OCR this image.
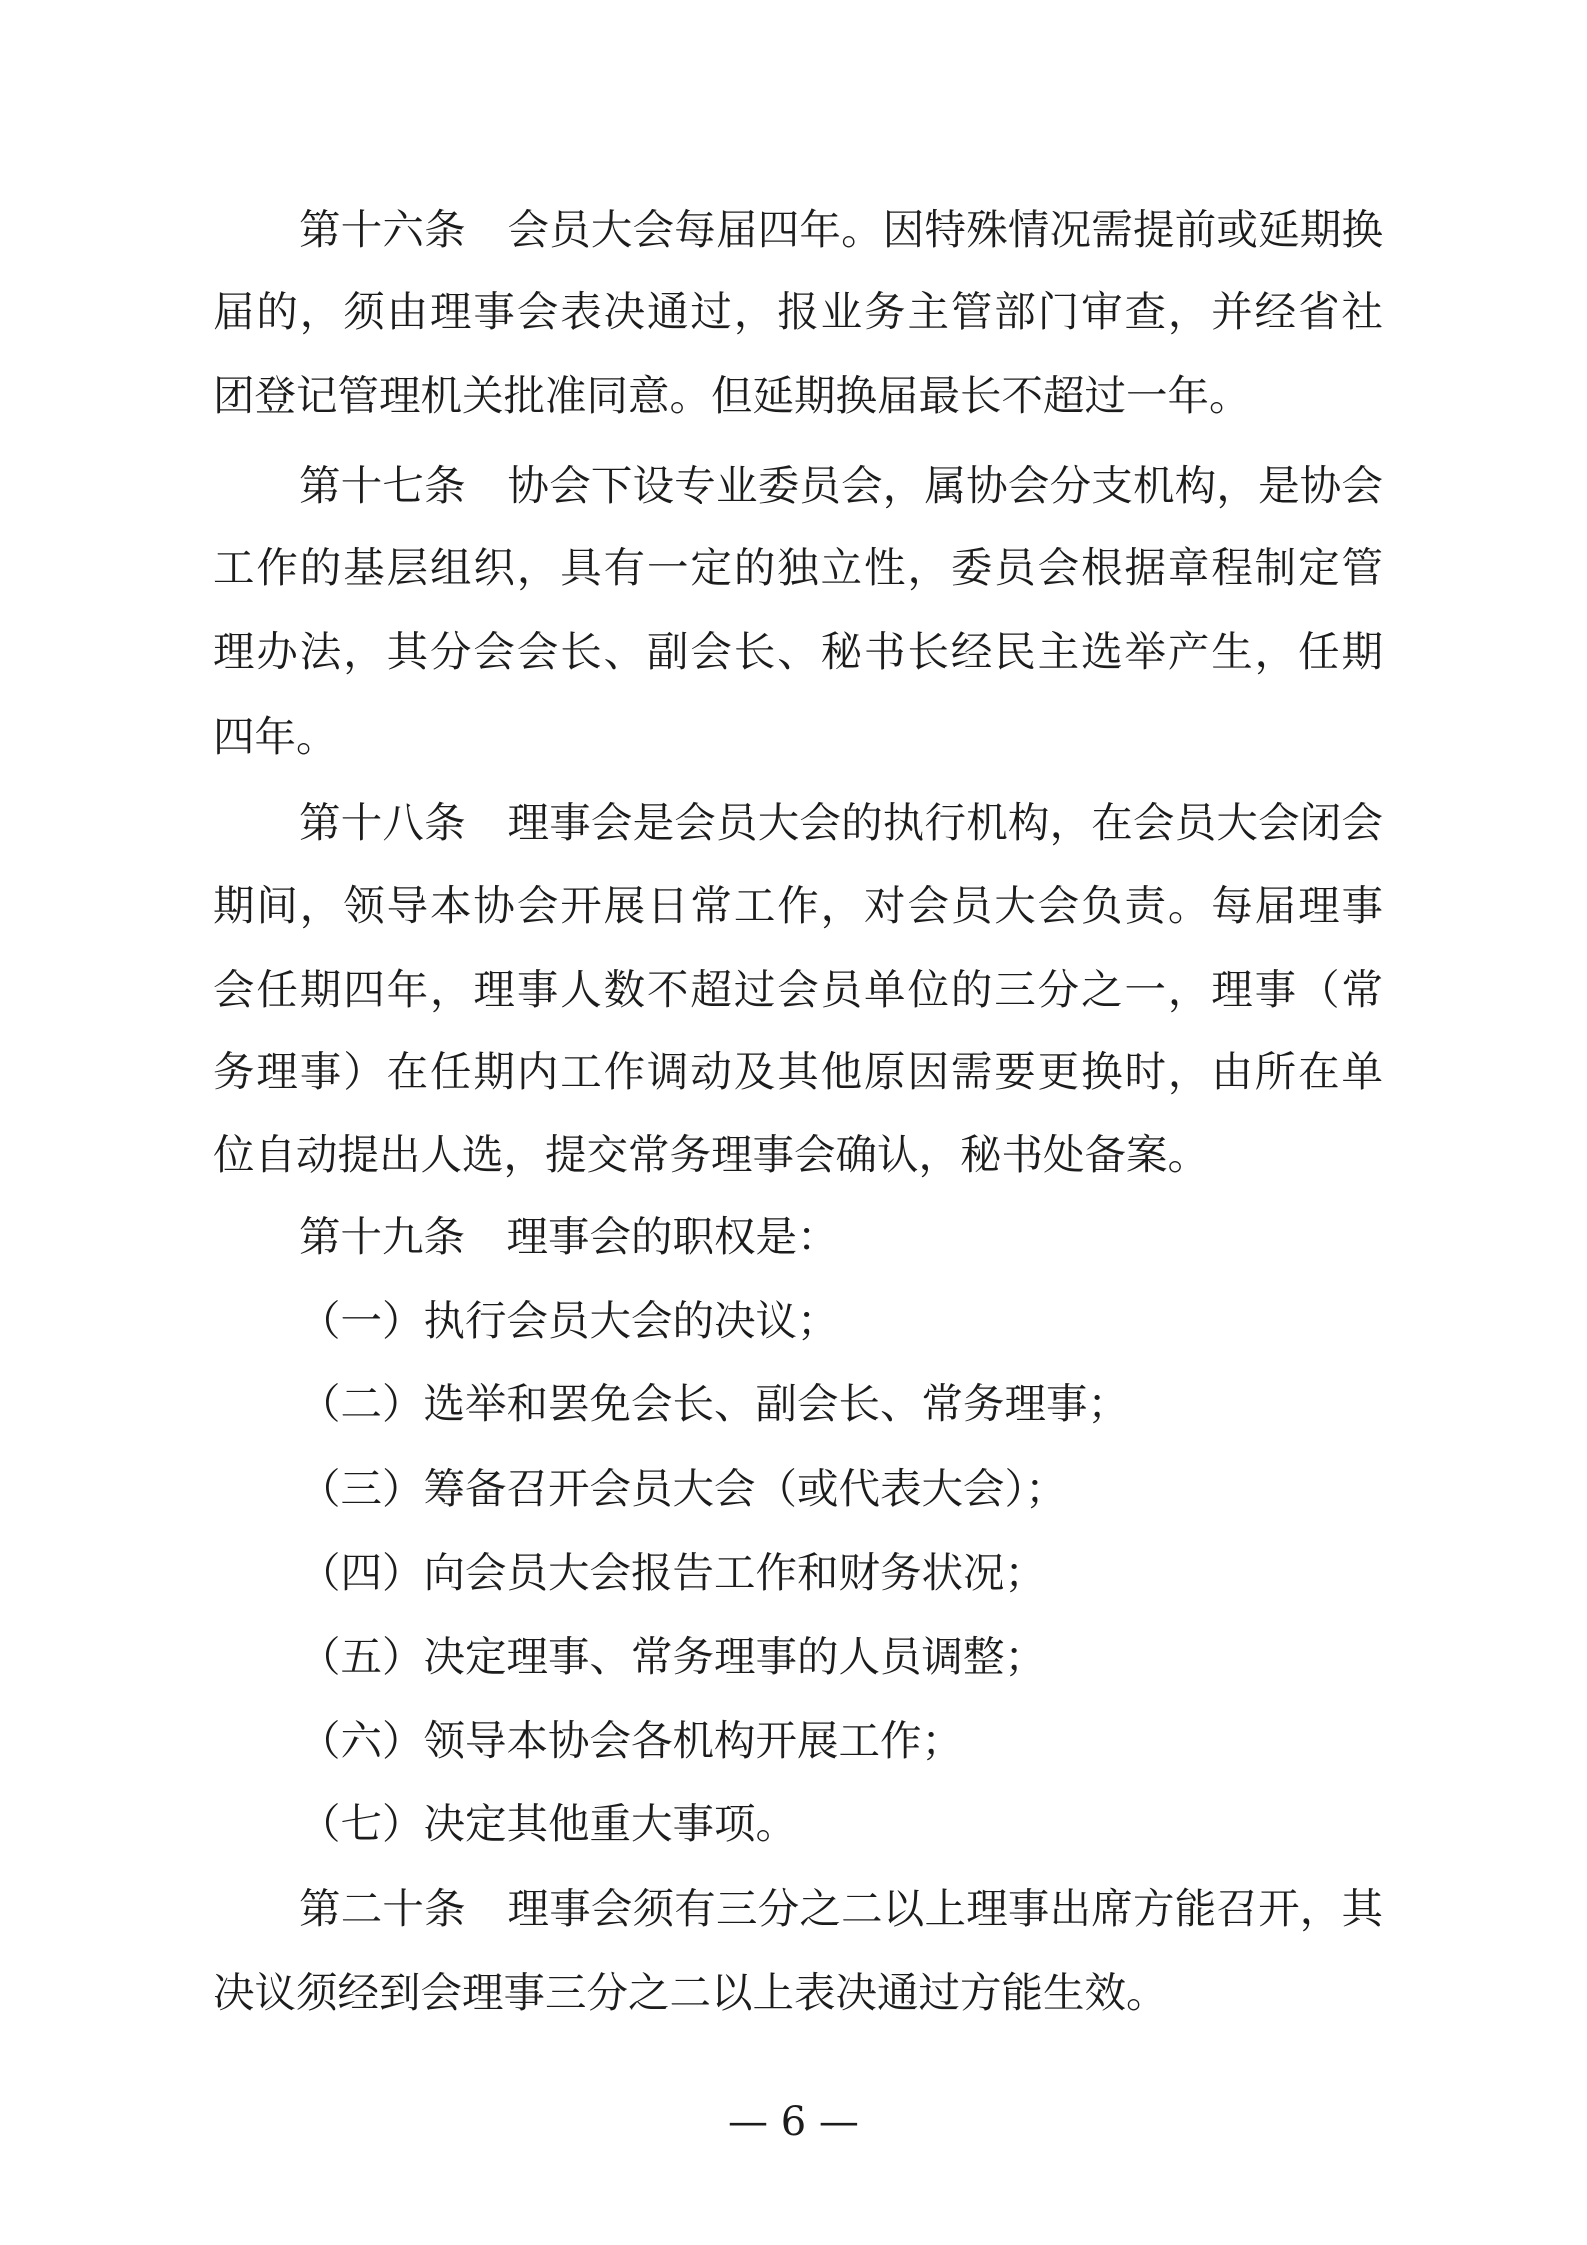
第十六条　会员大会每届四年。因特殊情况需提前或延期换
届的，须由理事会表决通过，报业务主管部门审查，并经省社
团登记管理机关批准同意。但延期换届最长不超过一年。
第十七条　协会下设专业委员会，属协会分支机构，是协会
工作的基层组织，具有一定的独立性，委员会根据章程制定管
理办法，其分会会长、副会长、秘书长经民主选举产生，任期
四年。
第十八条　理事会是会员大会的执行机构，在会员大会闭会
期间，领导本协会开展日常工作，对会员大会负责。每届理事
会任期四年，理事人数不超过会员单位的三分之一，理事（常
务理事）在任期内工作调动及其他原因需要更换时，由所在单
位自动提出人选，提交常务理事会确认，秘书处备案。
第十九条　理事会的职权是：
（一）执行会员大会的决议；
（二）选举和罢免会长、副会长、常务理事；
（三）筹备召开会员大会（或代表大会）；
（四）向会员大会报告工作和财务状况；
（五）决定理事、常务理事的人员调整；
（六）领导本协会各机构开展工作；
（七）决定其他重大事项。
第二十条　理事会须有三分之二以上理事出席方能召开，其
决议须经到会理事三分之二以上表决通过方能生效。
— 6 —
